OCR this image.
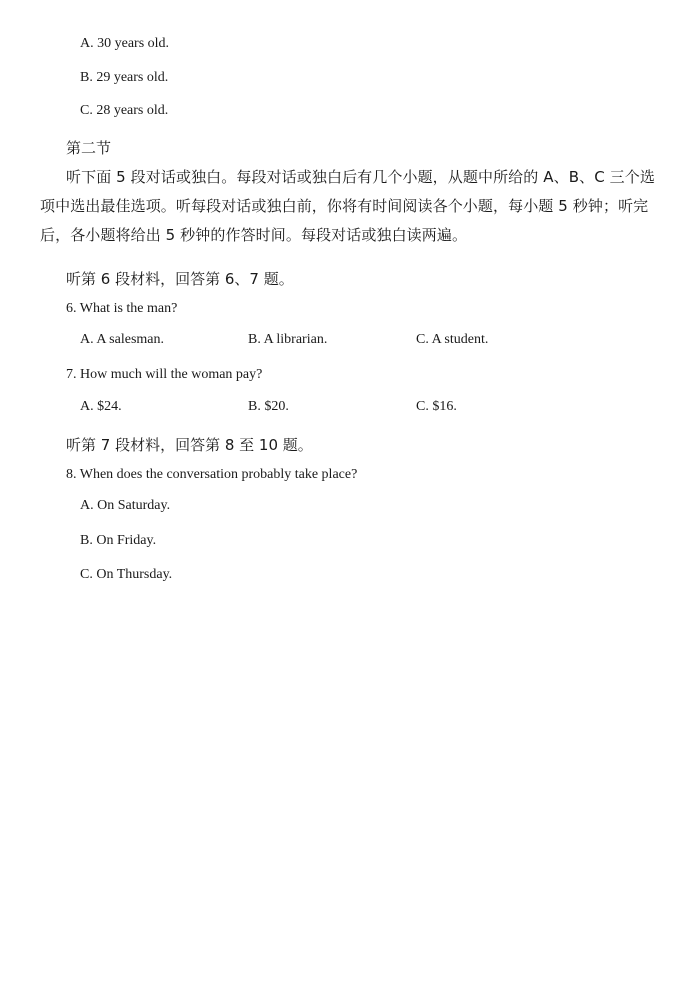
A. 30 years old.
B. 29 years old.
C. 28 years old.
第二节
听下面 5 段对话或独白。每段对话或独白后有几个小题，从题中所给的 A、B、C 三个选项中选出最佳选项。听每段对话或独白前，你将有时间阅读各个小题，每小题 5 秒钟；听完后，各小题将给出 5 秒钟的作答时间。每段对话或独白读两遍。
听第 6 段材料，回答第 6、7 题。
6. What is the man?
A. A salesman.	B. A librarian.	C. A student.
7. How much will the woman pay?
A. $24.	B. $20.	C. $16.
听第 7 段材料，回答第 8 至 10 题。
8. When does the conversation probably take place?
A. On Saturday.
B. On Friday.
C. On Thursday.
